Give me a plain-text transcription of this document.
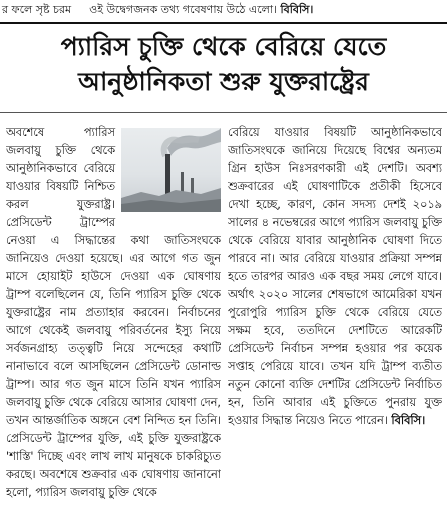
র ফলে সৃষ্ট চরম ওই উদ্বেগজনক তথ্য গবেষণায় উঠে এলো। বিবিসি।
প্যারিস চুক্তি থেকে বেরিয়ে যেতে
আনুষ্ঠানিকতা শুরু যুক্তরাষ্ট্রের

অবশেষে প্যারিস জলবায়ু চুক্তি থেকে আনুষ্ঠানিকভাবে বেরিয়ে যাওয়ার বিষয়টি নিশ্চিত করল যুক্তরাষ্ট্র। প্রেসিডেন্ট ট্রাম্পের নেওয়া এ সিদ্ধান্তের কথা জাতিসংঘকে জানিয়েও দেওয়া হয়েছে। এর আগে গত জুন মাসে হোয়াইট হাউসে দেওয়া এক ঘোষণায় ট্রাম্প বলেছিলেন যে, তিনি প্যারিস চুক্তি থেকে যুক্তরাষ্ট্রের নাম প্রত্যাহার করবেন। নির্বাচনের আগে থেকেই জলবায়ু পরিবর্তনের ইস্যু নিয়ে সর্বজনগ্রাহ্য তত্ত্বটি নিয়ে সন্দেহের কথাটি নানাভাবে বলে আসছিলেন প্রেসিডেন্ট ডোনাল্ড ট্রাম্প। আর গত জুন মাসে তিনি যখন প্যারিস জলবায়ু চুক্তি থেকে বেরিয়ে আসার ঘোষণা দেন, তখন আন্তর্জাতিক অঙ্গনে বেশ নিন্দিত হন তিনি। প্রেসিডেন্ট ট্রাম্পের যুক্তি, এই চুক্তি যুক্তরাষ্ট্রকে 'শাস্তি' দিচ্ছে এবং লাখ লাখ মানুষকে চাকরিচ্যুত করছে। অবশেষে শুক্রবার এক ঘোষণায় জানানো হলো, প্যারিস জলবায়ু চুক্তি থেকে

বেরিয়ে যাওয়ার বিষয়টি আনুষ্ঠানিকভাবে জাতিসংঘকে জানিয়ে দিয়েছে বিশ্বের অন্যতম গ্রিন হাউস নিঃসরণকারী এই দেশটি। অবশ্য শুক্রবারের এই ঘোষণাটিকে প্রতীকী হিসেবে দেখা হচ্ছে, কারণ, কোন সদস্য দেশই ২০১৯ সালের ৪ নভেম্বরের আগে প্যারিস জলবায়ু চুক্তি থেকে বেরিয়ে যাবার আনুষ্ঠানিক ঘোষণা দিতে পারবে না। আর বেরিয়ে যাওয়ার প্রক্রিয়া সম্পন্ন হতে তারপর আরও এক বছর সময় লেগে যাবে। অর্থাৎ ২০২০ সালের শেষভাগে আমেরিকা যখন পুরোপুরি প্যারিস চুক্তি থেকে বেরিয়ে যেতে সক্ষম হবে, ততদিনে দেশটিতে আরেকটি প্রেসিডেন্ট নির্বাচন সম্পন্ন হওয়ার পর কয়েক সপ্তাহ পেরিয়ে যাবে। তখন যদি ট্রাম্প ব্যতীত নতুন কোনো ব্যক্তি দেশটির প্রেসিডেন্ট নির্বাচিত হন, তিনি আবার এই চুক্তিতে পুনরায় যুক্ত হওয়ার সিদ্ধান্ত নিয়েও নিতে পারেন। বিবিসি।
